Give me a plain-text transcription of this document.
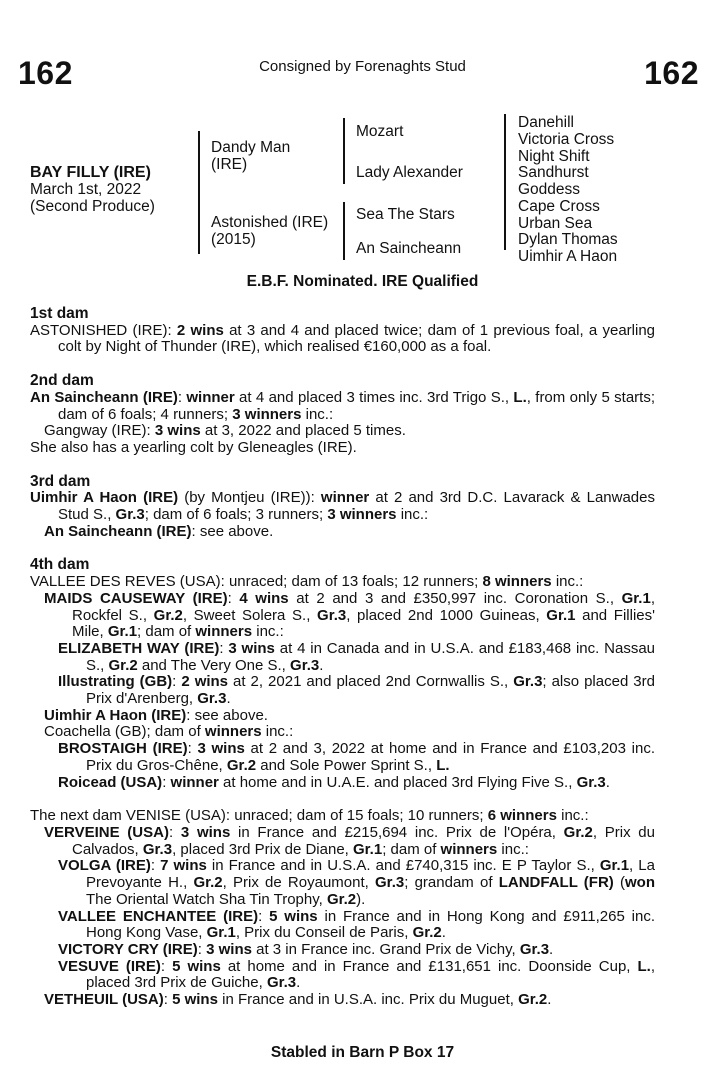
162	Consigned by Forenaghts Stud	162
BAY FILLY (IRE)
March 1st, 2022
(Second Produce)
Dandy Man
(IRE)
Astonished (IRE)
(2015)
Mozart
Lady Alexander
Sea The Stars
An Saincheann
Danehill
Victoria Cross
Night Shift
Sandhurst
Goddess
Cape Cross
Urban Sea
Dylan Thomas
Uimhir A Haon
E.B.F. Nominated. IRE Qualified
1st dam
ASTONISHED (IRE): 2 wins at 3 and 4 and placed twice; dam of 1 previous foal, a yearling colt by Night of Thunder (IRE), which realised €160,000 as a foal.
2nd dam
An Saincheann (IRE): winner at 4 and placed 3 times inc. 3rd Trigo S., L., from only 5 starts; dam of 6 foals; 4 runners; 3 winners inc.:
Gangway (IRE): 3 wins at 3, 2022 and placed 5 times.
She also has a yearling colt by Gleneagles (IRE).
3rd dam
Uimhir A Haon (IRE) (by Montjeu (IRE)): winner at 2 and 3rd D.C. Lavarack & Lanwades Stud S., Gr.3; dam of 6 foals; 3 runners; 3 winners inc.:
An Saincheann (IRE): see above.
4th dam
VALLEE DES REVES (USA): unraced; dam of 13 foals; 12 runners; 8 winners inc.:
MAIDS CAUSEWAY (IRE): 4 wins at 2 and 3 and £350,997 inc. Coronation S., Gr.1, Rockfel S., Gr.2, Sweet Solera S., Gr.3, placed 2nd 1000 Guineas, Gr.1 and Fillies' Mile, Gr.1; dam of winners inc.:
ELIZABETH WAY (IRE): 3 wins at 4 in Canada and in U.S.A. and £183,468 inc. Nassau S., Gr.2 and The Very One S., Gr.3.
Illustrating (GB): 2 wins at 2, 2021 and placed 2nd Cornwallis S., Gr.3; also placed 3rd Prix d'Arenberg, Gr.3.
Uimhir A Haon (IRE): see above.
Coachella (GB); dam of winners inc.:
BROSTAIGH (IRE): 3 wins at 2 and 3, 2022 at home and in France and £103,203 inc. Prix du Gros-Chêne, Gr.2 and Sole Power Sprint S., L.
Roicead (USA): winner at home and in U.A.E. and placed 3rd Flying Five S., Gr.3.
The next dam VENISE (USA): unraced; dam of 15 foals; 10 runners; 6 winners inc.:
VERVEINE (USA): 3 wins in France and £215,694 inc. Prix de l'Opéra, Gr.2, Prix du Calvados, Gr.3, placed 3rd Prix de Diane, Gr.1; dam of winners inc.:
VOLGA (IRE): 7 wins in France and in U.S.A. and £740,315 inc. E P Taylor S., Gr.1, La Prevoyante H., Gr.2, Prix de Royaumont, Gr.3; grandam of LANDFALL (FR) (won The Oriental Watch Sha Tin Trophy, Gr.2).
VALLEE ENCHANTEE (IRE): 5 wins in France and in Hong Kong and £911,265 inc. Hong Kong Vase, Gr.1, Prix du Conseil de Paris, Gr.2.
VICTORY CRY (IRE): 3 wins at 3 in France inc. Grand Prix de Vichy, Gr.3.
VESUVE (IRE): 5 wins at home and in France and £131,651 inc. Doonside Cup, L., placed 3rd Prix de Guiche, Gr.3.
VETHEUIL (USA): 5 wins in France and in U.S.A. inc. Prix du Muguet, Gr.2.
Stabled in Barn P Box 17
